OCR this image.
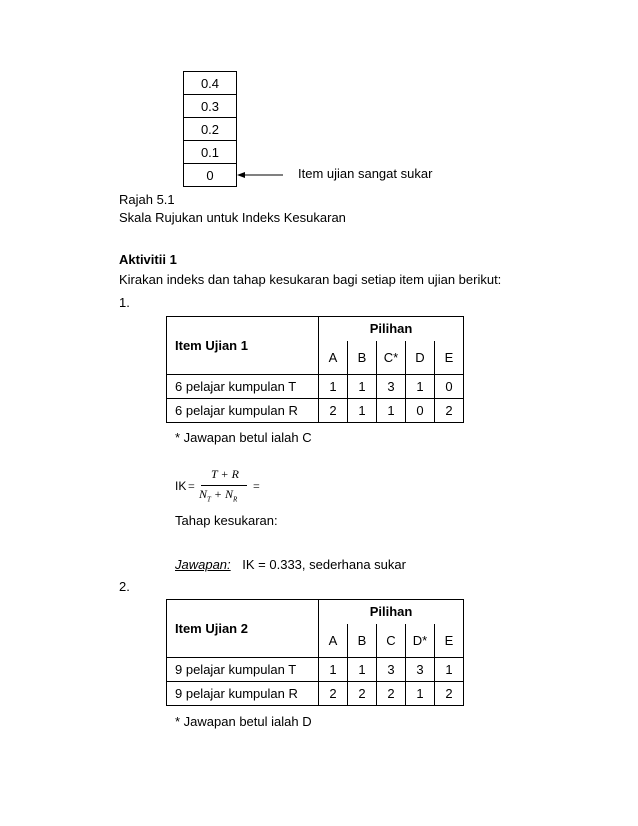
0.4
0.3
0.2
0.1
0	Item ujian sangat sukar
Rajah 5.1
Skala Rujukan untuk Indeks Kesukaran
Aktivitii 1
Kirakan indeks dan tahap kesukaran bagi setiap item ujian berikut:
1.
Item Ujian 1	Pilihan				
	A	B	C*	D	E
6 pelajar kumpulan T	1	1	3	1	0
6 pelajar kumpulan R	2	1	1	0	2
* Jawapan betul ialah C
IK =
T + R
$N_T + N_R$
=
Tahap kesukaran:
Jawapan: IK = 0.333, sederhana sukar
2.
Item Ujian 2	Pilihan				
	A	B	C	D*	E
9 pelajar kumpulan T	1	1	3	3	1
9 pelajar kumpulan R	2	2	2	1	2
* Jawapan betul ialah D
